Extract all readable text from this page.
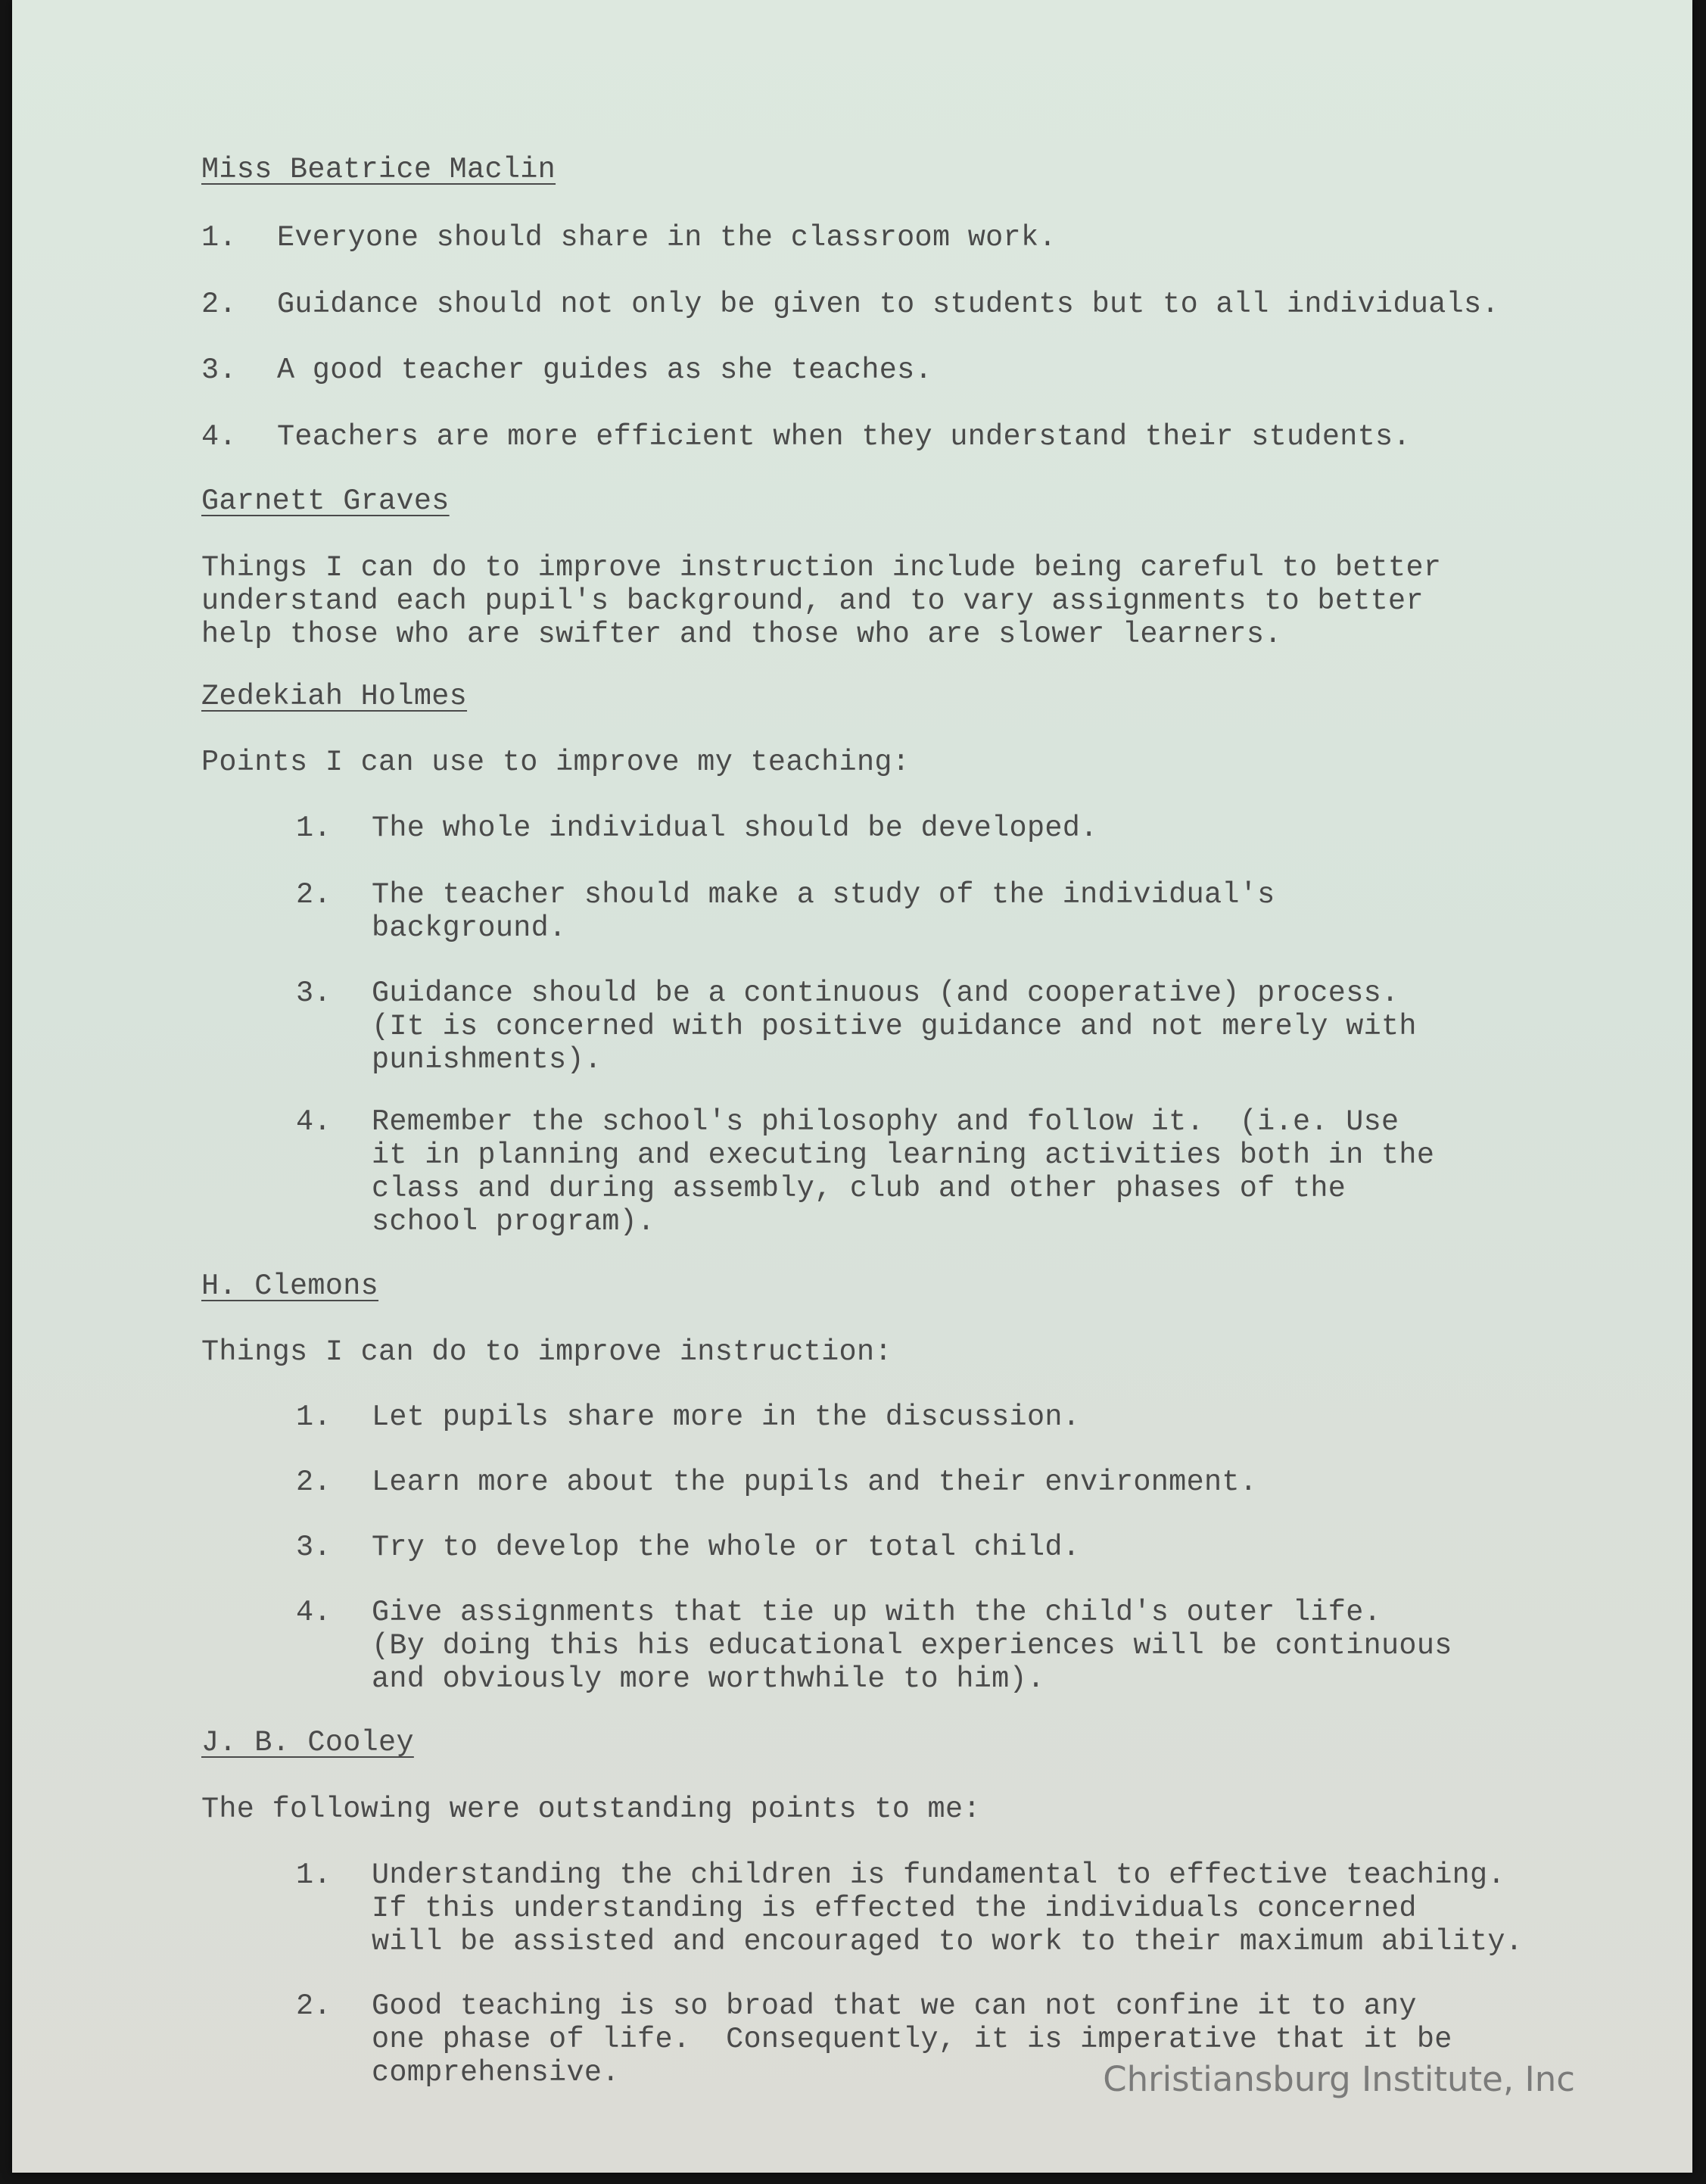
Miss Beatrice Maclin

1.

Everyone should share in the classroom work.

2.

Guidance should not only be given to students but to all individuals.

3.

A good teacher guides as she teaches.

4.

Teachers are more efficient when they understand their students.

Garnett Graves
Things I can do to improve instruction include being careful to better
understand each pupil's background, and to vary assignments to better
help those who are swifter and those who are slower learners.
Zedekiah Holmes
Points I can use to improve my teaching:

1.

The whole individual should be developed.

2.

The teacher should make a study of the individual's
background.

3.

Guidance should be a continuous (and cooperative) process.
(It is concerned with positive guidance and not merely with
punishments).

4.

Remember the school's philosophy and follow it.  (i.e. Use
it in planning and executing learning activities both in the
class and during assembly, club and other phases of the
school program).

H. Clemons
Things I can do to improve instruction:

1.

Let pupils share more in the discussion.

2.

Learn more about the pupils and their environment.

3.

Try to develop the whole or total child.

4.

Give assignments that tie up with the child's outer life.
(By doing this his educational experiences will be continuous
and obviously more worthwhile to him).

J. B. Cooley
The following were outstanding points to me:

1.

Understanding the children is fundamental to effective teaching.
If this understanding is effected the individuals concerned
will be assisted and encouraged to work to their maximum ability.

2.

Good teaching is so broad that we can not confine it to any
one phase of life.  Consequently, it is imperative that it be
comprehensive.

	Christiansburg Institute, Inc
